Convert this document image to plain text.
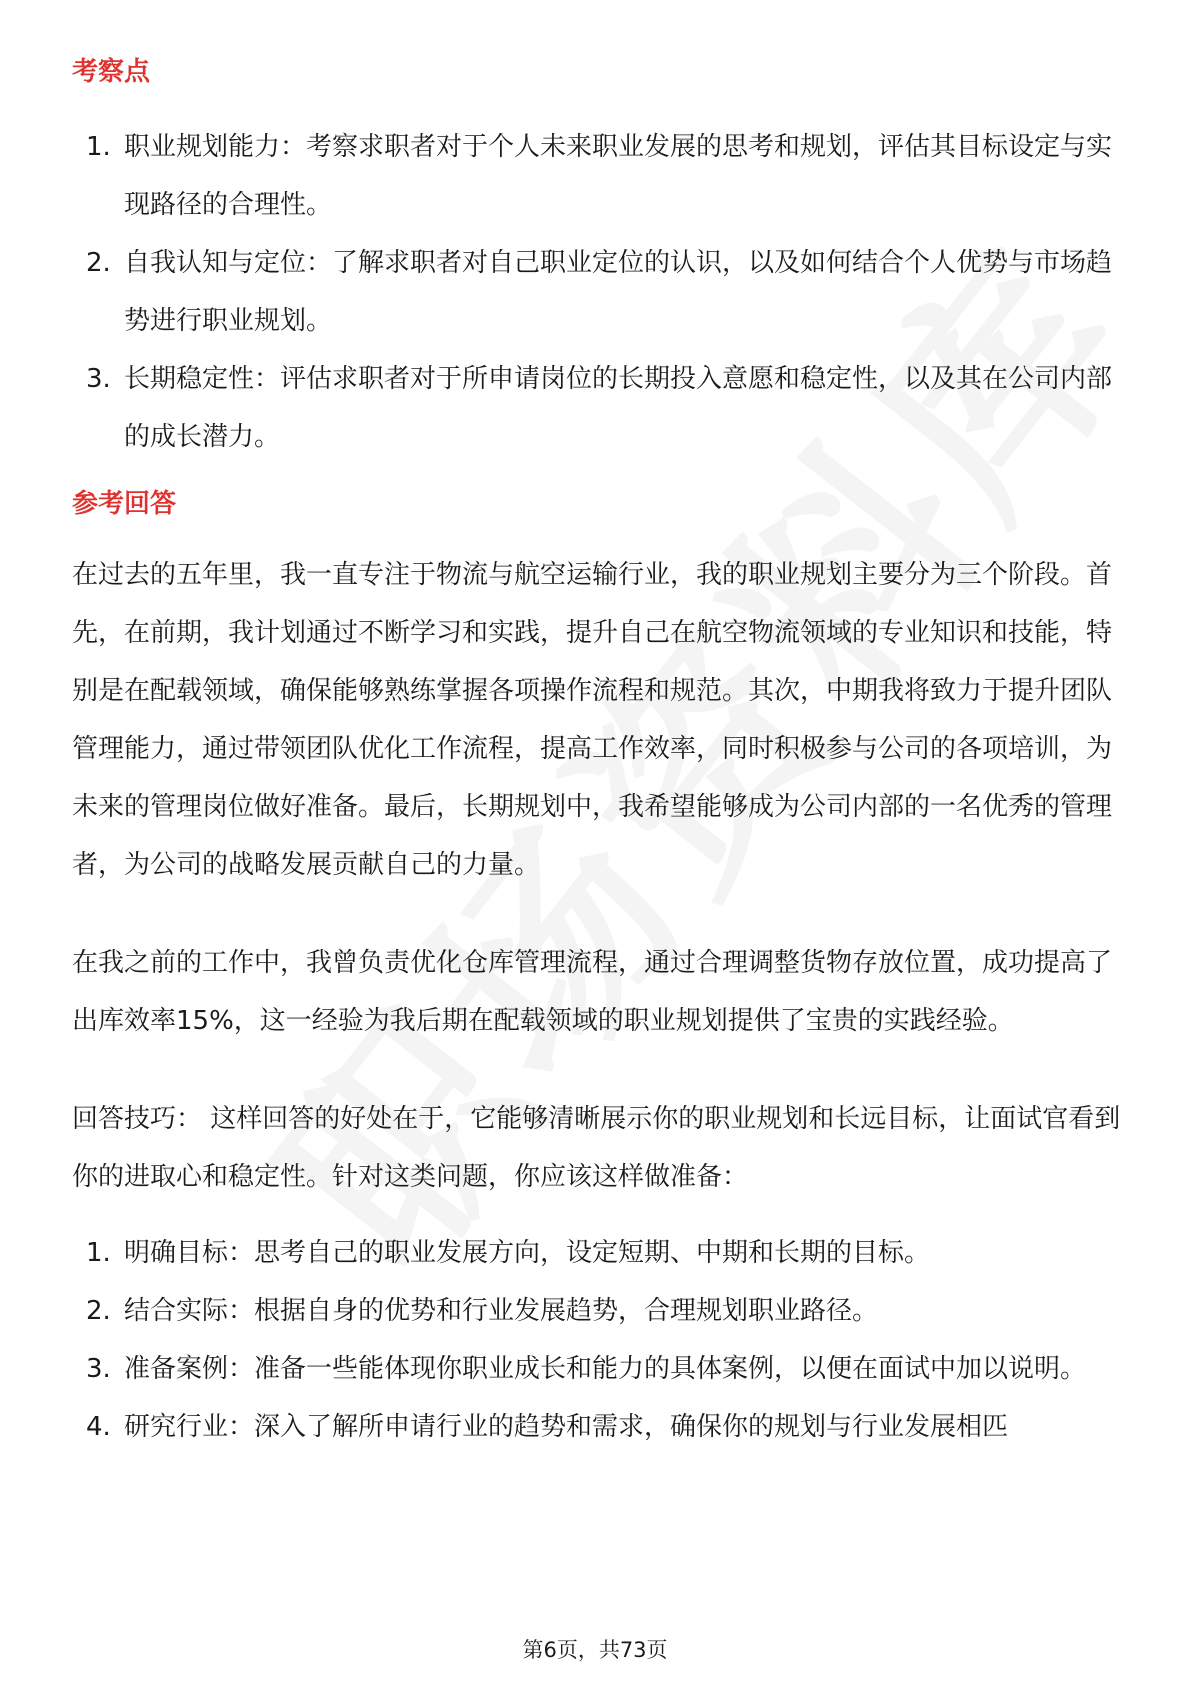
考察点
1. 职业规划能力：考察求职者对于个人未来职业发展的思考和规划，评估其目标设定与实现路径的合理性。
2. 自我认知与定位：了解求职者对自己职业定位的认识，以及如何结合个人优势与市场趋势进行职业规划。
3. 长期稳定性：评估求职者对于所申请岗位的长期投入意愿和稳定性，以及其在公司内部的成长潜力。
参考回答

在过去的五年里，我一直专注于物流与航空运输行业，我的职业规划主要分为三个阶段。首先，在前期，我计划通过不断学习和实践，提升自己在航空物流领域的专业知识和技能，特别是在配载领域，确保能够熟练掌握各项操作流程和规范。其次，中期我将致力于提升团队管理能力，通过带领团队优化工作流程，提高工作效率，同时积极参与公司的各项培训，为未来的管理岗位做好准备。最后，长期规划中，我希望能够成为公司内部的一名优秀的管理者，为公司的战略发展贡献自己的力量。

在我之前的工作中，我曾负责优化仓库管理流程，通过合理调整货物存放位置，成功提高了出库效率15%，这一经验为我后期在配载领域的职业规划提供了宝贵的实践经验。

回答技巧： 这样回答的好处在于，它能够清晰展示你的职业规划和长远目标，让面试官看到你的进取心和稳定性。针对这类问题，你应该这样做准备：

1. 明确目标：思考自己的职业发展方向，设定短期、中期和长期的目标。
2. 结合实际：根据自身的优势和行业发展趋势，合理规划职业路径。
3. 准备案例：准备一些能体现你职业成长和能力的具体案例，以便在面试中加以说明。
4. 研究行业：深入了解所申请行业的趋势和需求，确保你的规划与行业发展相匹
第6页，共73页
